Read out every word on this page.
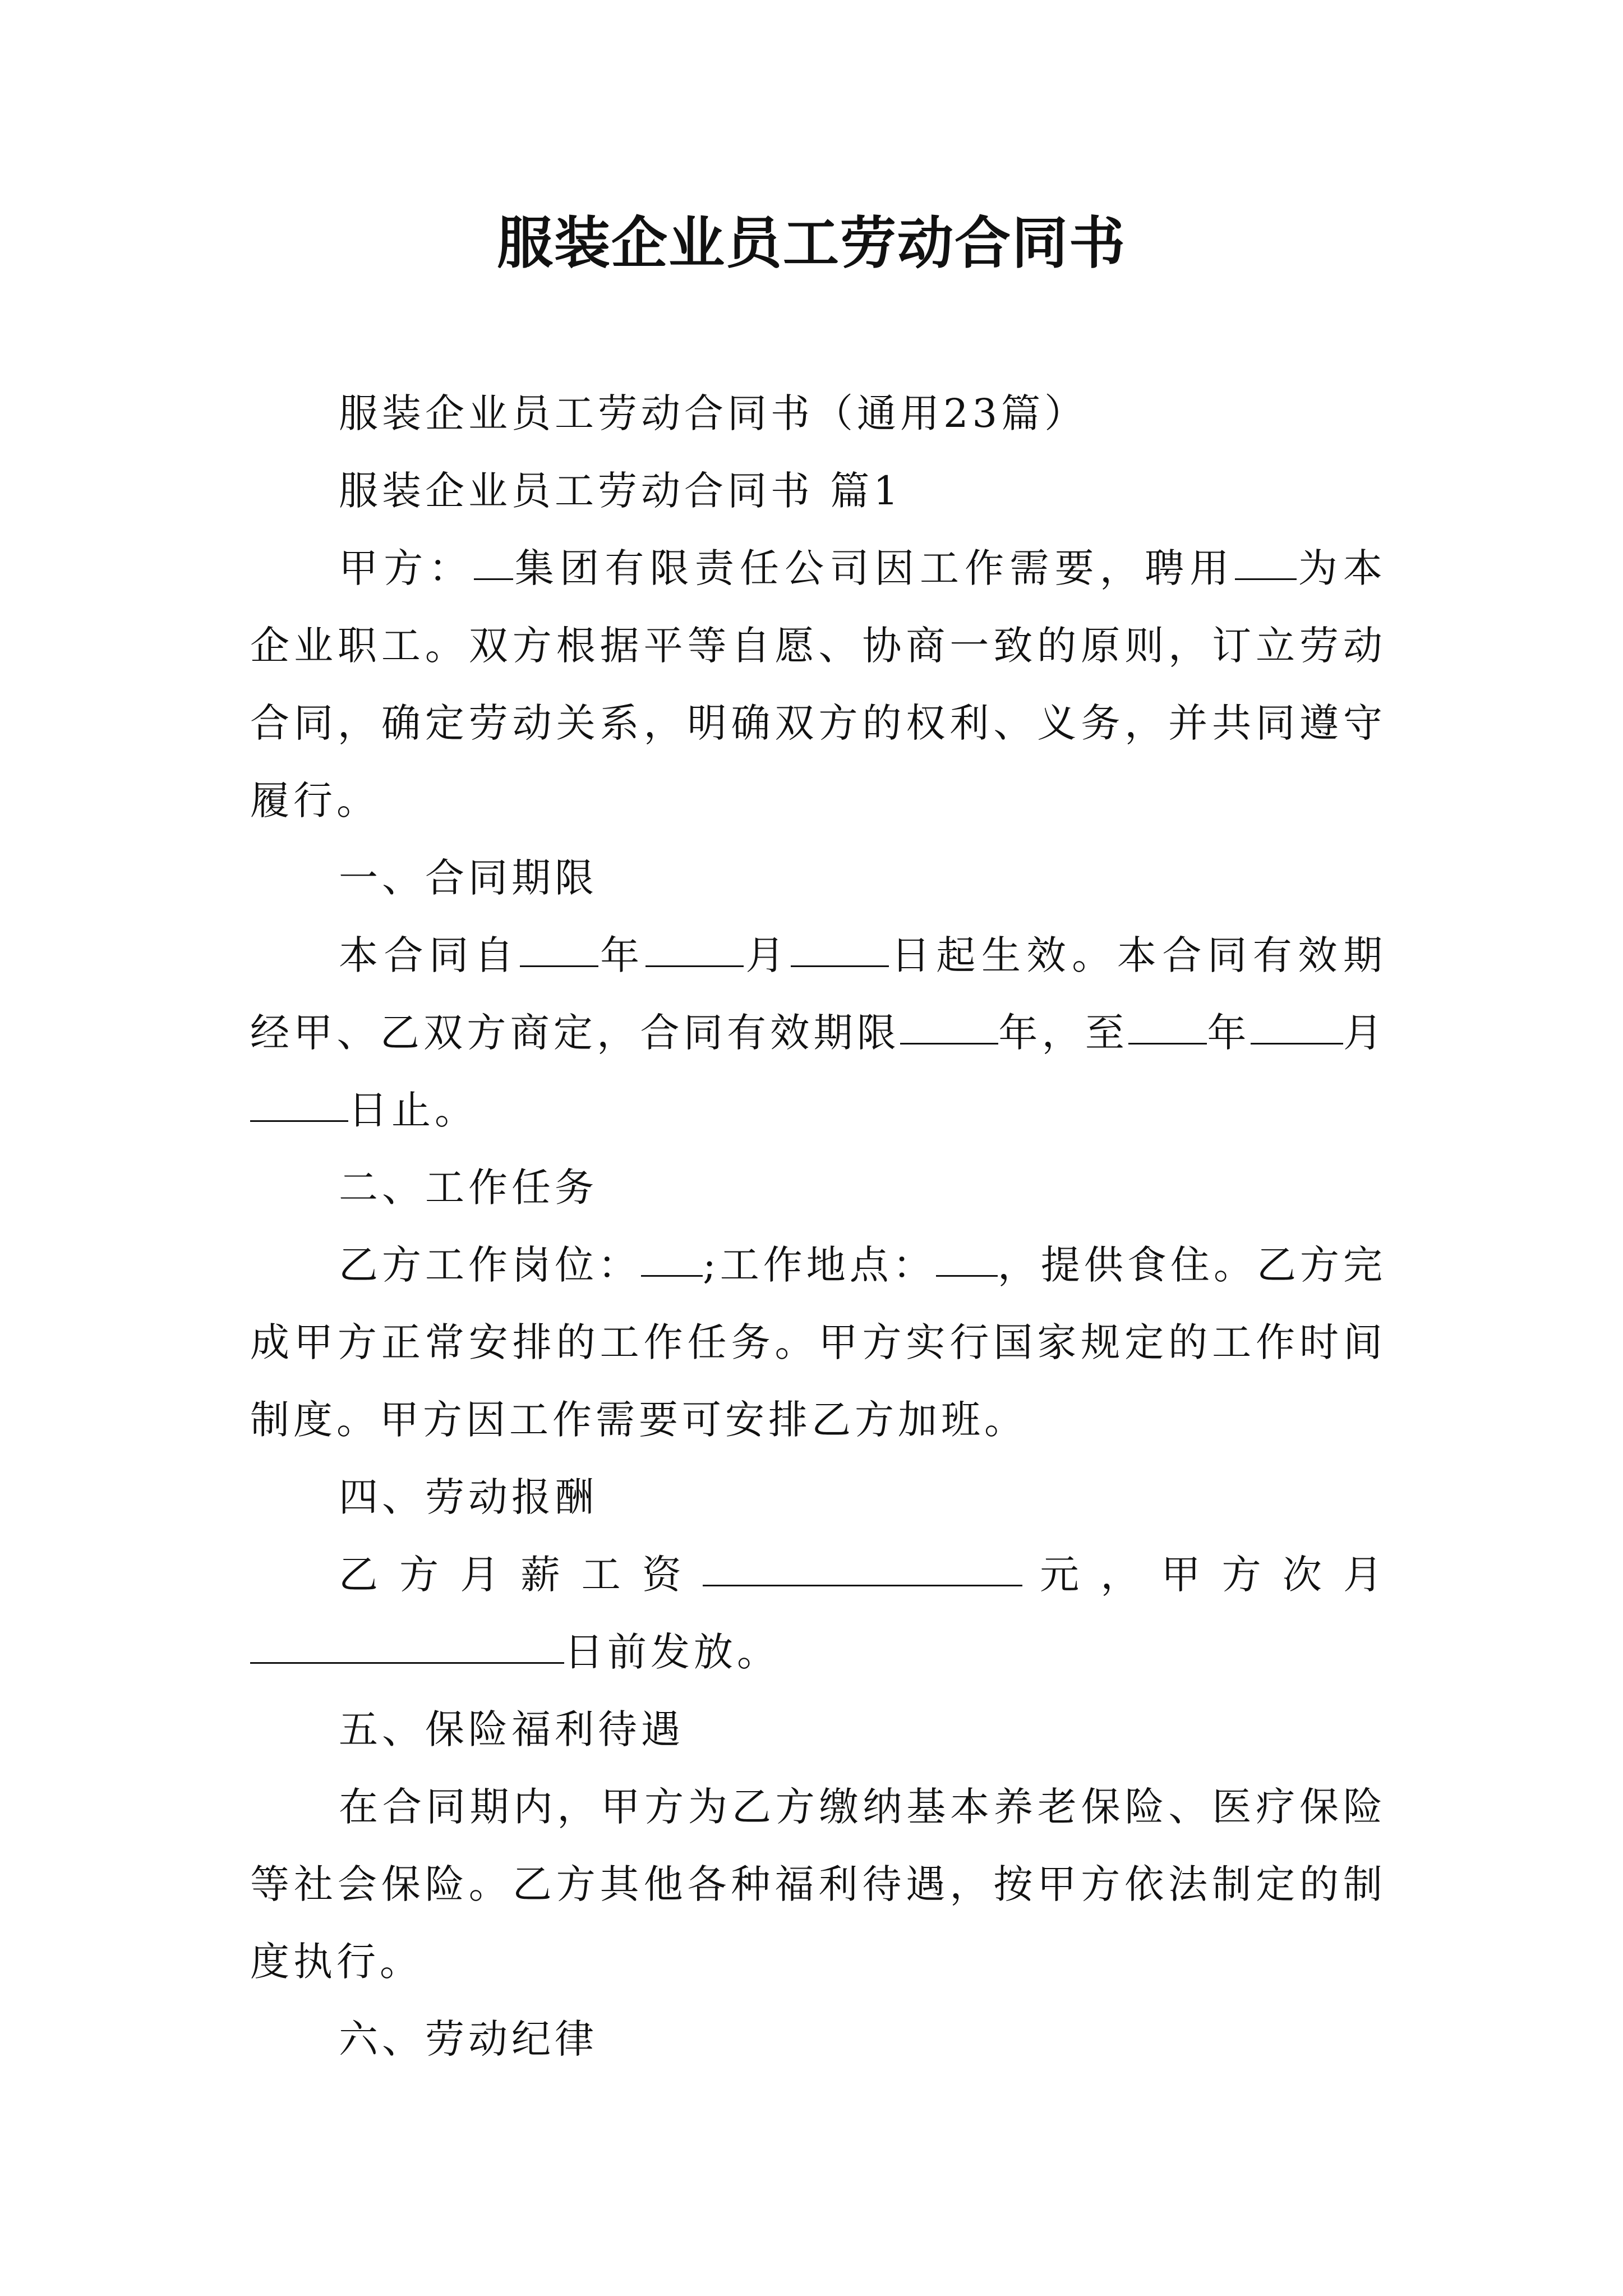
服装企业员工劳动合同书

服装企业员工劳动合同书（通用23篇）

服装企业员工劳动合同书 篇1

甲方： 集团有限责任公司因工作需要，聘用 为本企业职工。双方根据平等自愿、协商一致的原则，订立劳动合同，确定劳动关系，明确双方的权利、义务，并共同遵守履行。

一、合同期限

本合同自 年	月	日起生效。本合同有效期经甲、乙双方商定，合同有效期限	年，至 年 月日止。

二、工作任务

乙方工作岗位： ;工作地点： ，提供食住。乙方完成甲方正常安排的工作任务。甲方实行国家规定的工作时间制度。甲方因工作需要可安排乙方加班。

四、劳动报酬

乙方月薪工资	元，甲方次月日前发放。

五、保险福利待遇

在合同期内，甲方为乙方缴纳基本养老保险、医疗保险等社会保险。乙方其他各种福利待遇，按甲方依法制定的制度执行。

六、劳动纪律
